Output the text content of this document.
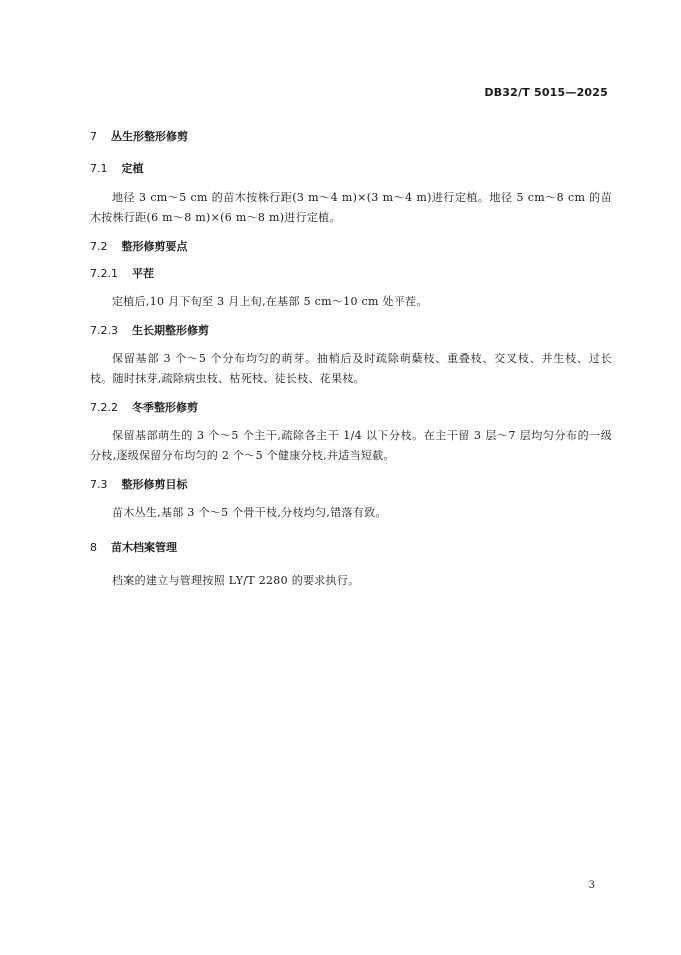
DB32/T 5015—2025
7 丛生形整形修剪
7.1 定植
地径 3 cm～5 cm 的苗木按株行距(3 m～4 m)×(3 m～4 m)进行定植。地径 5 cm～8 cm 的苗木按株行距(6 m～8 m)×(6 m～8 m)进行定植。
7.2 整形修剪要点
7.2.1 平茬
定植后,10 月下旬至 3 月上旬,在基部 5 cm～10 cm 处平茬。
7.2.3 生长期整形修剪
保留基部 3 个～5 个分布均匀的萌芽。抽梢后及时疏除萌蘖枝、重叠枝、交叉枝、并生枝、过长枝。随时抹芽,疏除病虫枝、枯死枝、徒长枝、花果枝。
7.2.2 冬季整形修剪
保留基部萌生的 3 个～5 个主干,疏除各主干 1/4 以下分枝。在主干留 3 层～7 层均匀分布的一级分枝,逐级保留分布均匀的 2 个～5 个健康分枝,并适当短截。
7.3 整形修剪目标
苗木丛生,基部 3 个～5 个骨干枝,分枝均匀,错落有致。
8 苗木档案管理
档案的建立与管理按照 LY/T 2280 的要求执行。
3
